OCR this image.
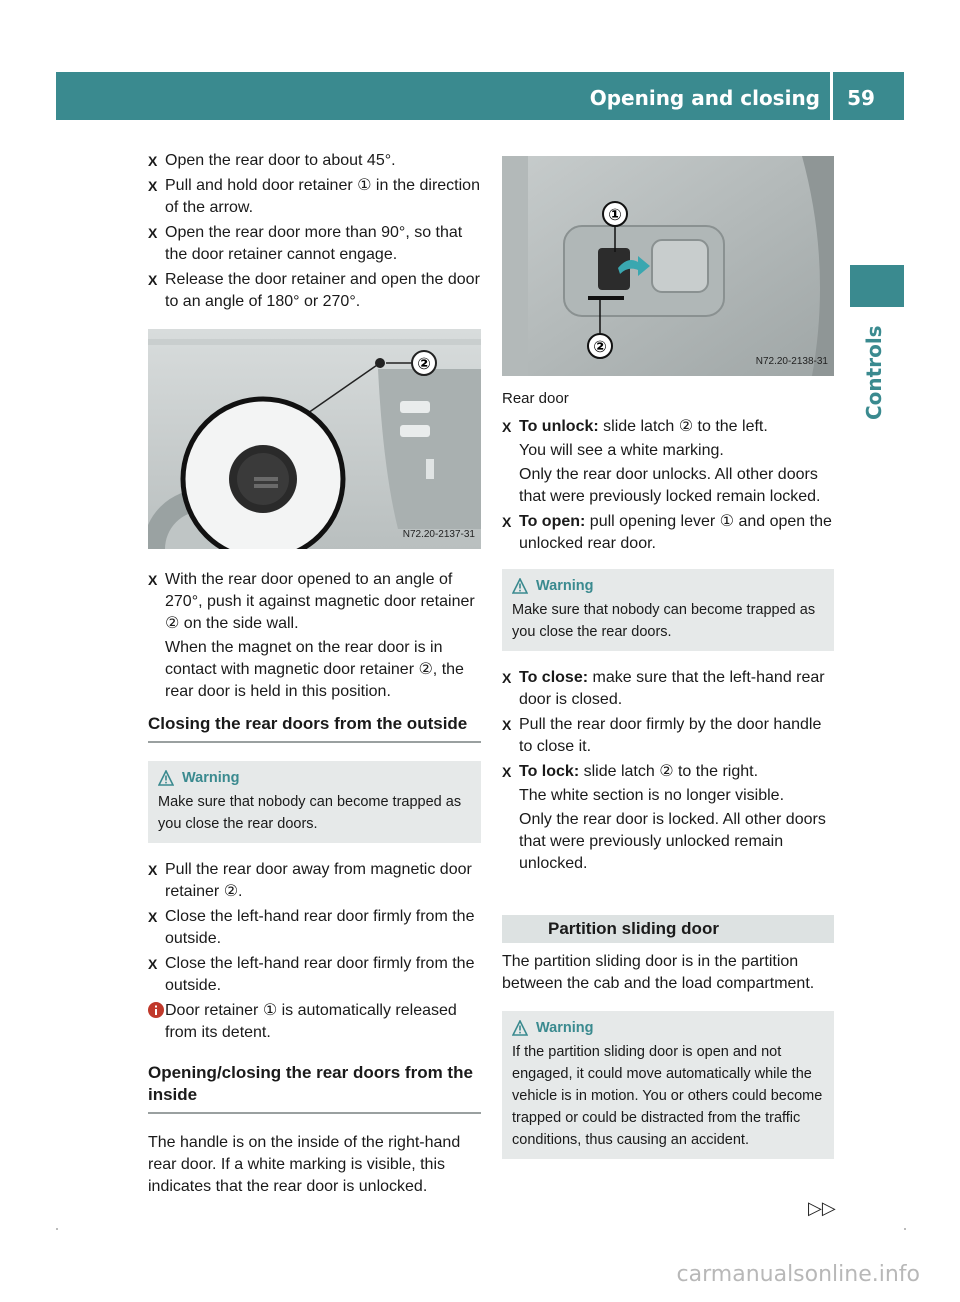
Opening and closing	59
Controls
X Open the rear door to about 45°.

X Pull and hold door retainer ① in the direction of the arrow.

X Open the rear door more than 90°, so that the door retainer cannot engage.

X Release the door retainer and open the door to an angle of 180° or 270°.

②
N72.20-2137-31
X With the rear door opened to an angle of 270°, push it against magnetic door retainer ② on the side wall.

When the magnet on the rear door is in contact with magnetic door retainer ②, the rear door is held in this position.

Closing the rear doors from the outside
Warning

Make sure that nobody can become trapped as you close the rear doors.

X Pull the rear door away from magnetic door retainer ②.

X Close the left-hand rear door firmly from the outside.

X Close the left-hand rear door firmly from the outside.

Door retainer ① is automatically released from its detent.

Opening/closing the rear doors from the inside

The handle is on the inside of the right-hand rear door. If a white marking is visible, this indicates that the rear door is unlocked.

①
②
N72.20-2138-31

Rear door

X To unlock: slide latch ② to the left.

You will see a white marking.

Only the rear door unlocks. All other doors that were previously locked remain locked.

X To open: pull opening lever ① and open the unlocked rear door.

Warning

Make sure that nobody can become trapped as you close the rear doors.

X To close: make sure that the left-hand rear door is closed.

X Pull the rear door firmly by the door handle to close it.

X To lock: slide latch ② to the right.

The white section is no longer visible.

Only the rear door is locked. All other doors that were previously unlocked remain unlocked.

Partition sliding door

The partition sliding door is in the partition between the cab and the load compartment.

Warning

If the partition sliding door is open and not engaged, it could move automatically while the vehicle is in motion. You or others could become trapped or could be distracted from the traffic conditions, thus causing an accident.

▷▷
carmanualsonline.info
